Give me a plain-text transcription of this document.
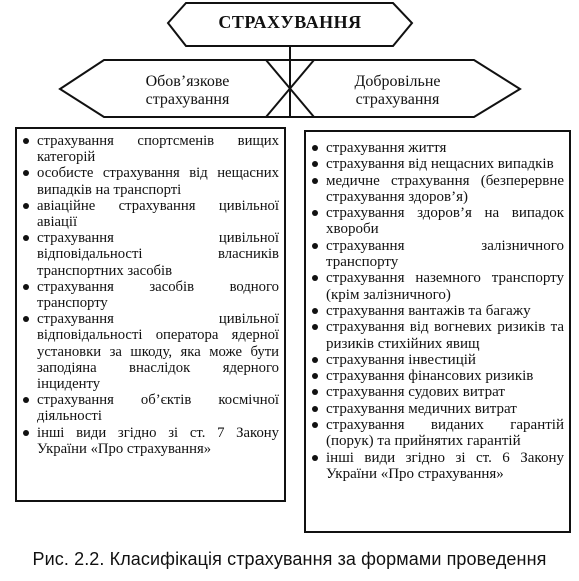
СТРАХУВАННЯ
Обов’язкове
страхування
Добровільне
страхування
страхування спортсменів вищих категорій
особисте страхування від нещасних випадків на транспорті
авіаційне страхування цивільної авіації
страхування цивільної відповідальності власників транспортних засобів
страхування засобів водного транспорту
страхування цивільної відповідальності оператора ядерної установки за шкоду, яка може бути заподіяна внаслідок ядерного інциденту
страхування об’єктів космічної діяльності
інші види згідно зі ст. 7 Закону України «Про страхування»
страхування життя
страхування від нещасних випадків
медичне страхування (безперервне страхування здоров’я)
страхування здоров’я на випадок хвороби
страхування залізничного транспорту
страхування наземного транспорту (крім залізничного)
страхування вантажів та багажу
страхування від вогневих ризиків та ризиків стихійних явищ
страхування інвестицій
страхування фінансових ризиків
страхування судових витрат
страхування медичних витрат
страхування виданих гарантій (порук) та прийнятих гарантій
інші види згідно зі ст. 6 Закону України «Про страхування»
Рис. 2.2. Класифікація страхування за формами проведення
